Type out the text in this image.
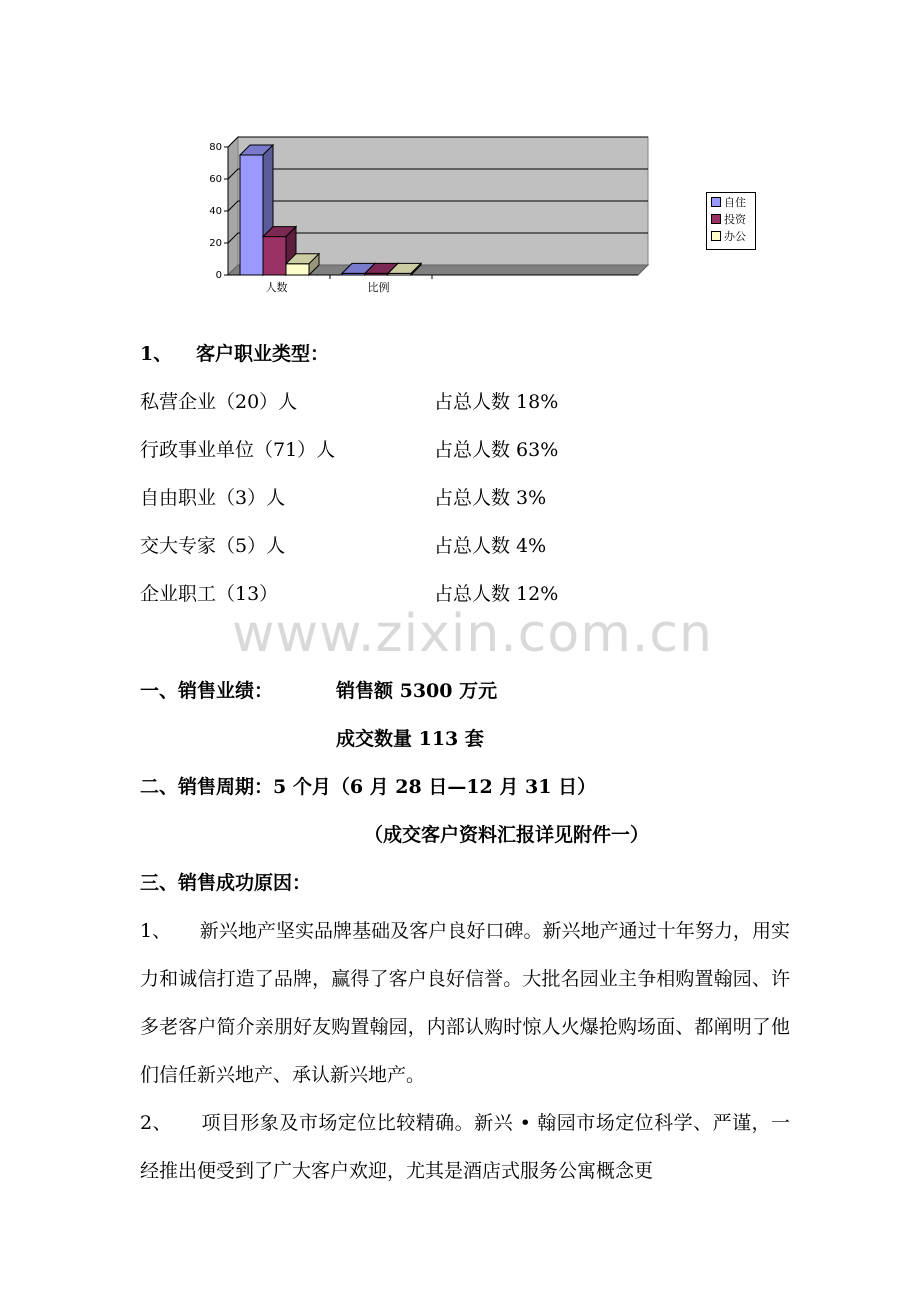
0
20
40
60
80
人数	比例
自住
投资
办公
1、 客户职业类型：
私营企业（20）人	占总人数 18%
行政事业单位（71）人	占总人数 63%
自由职业（3）人	占总人数 3%
交大专家（5）人	占总人数 4%
企业职工（13）	占总人数 12%
www.zixin.com.cn
一、销售业绩：	销售额 5300 万元
成交数量 113 套
二、销售周期：5 个月（6 月 28 日—12 月 31 日）
（成交客户资料汇报详见附件一）
三、销售成功原因：

1、　　新兴地产坚实品牌基础及客户良好口碑。新兴地产通过十年努力，用实力和诚信打造了品牌，赢得了客户良好信誉。大批名园业主争相购置翰园、许多老客户简介亲朋好友购置翰园，内部认购时惊人火爆抢购场面、都阐明了他们信任新兴地产、承认新兴地产。

2、　　项目形象及市场定位比较精确。新兴 • 翰园市场定位科学、严谨，一经推出便受到了广大客户欢迎，尤其是酒店式服务公寓概念更
